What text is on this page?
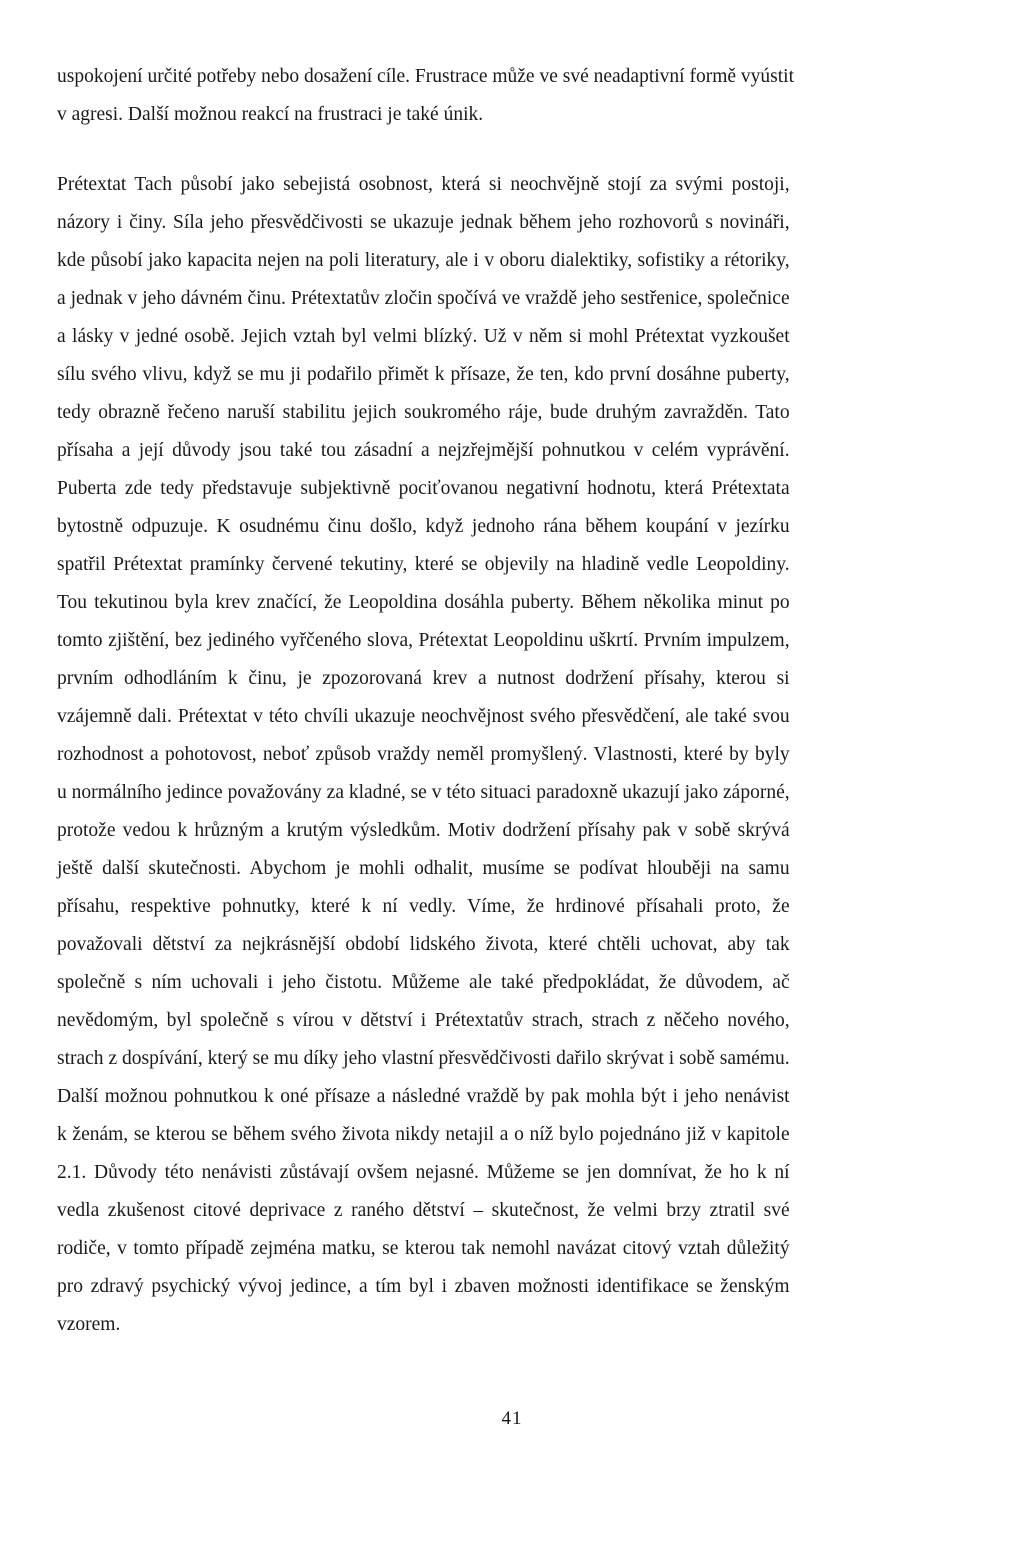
uspokojení určité potřeby nebo dosažení cíle. Frustrace může ve své neadaptivní formě vyústit
v agresi. Další možnou reakcí na frustraci je také únik.

Prétextat Tach působí jako sebejistá osobnost, která si neochvějně stojí za svými postoji,
názory i činy. Síla jeho přesvědčivosti se ukazuje jednak během jeho rozhovorů s novináři,
kde působí jako kapacita nejen na poli literatury, ale i v oboru dialektiky, sofistiky a rétoriky,
a jednak v jeho dávném činu. Prétextatův zločin spočívá ve vraždě jeho sestřenice, společnice
a lásky v jedné osobě. Jejich vztah byl velmi blízký. Už v něm si mohl Prétextat vyzkoušet
sílu svého vlivu, když se mu ji podařilo přimět k přísaze, že ten, kdo první dosáhne puberty,
tedy obrazně řečeno naruší stabilitu jejich soukromého ráje, bude druhým zavražděn. Tato
přísaha a její důvody jsou také tou zásadní a nejzřejmější pohnutkou v celém vyprávění.
Puberta zde tedy představuje subjektivně pociťovanou negativní hodnotu, která Prétextata
bytostně odpuzuje. K osudnému činu došlo, když jednoho rána během koupání v jezírku
spatřil Prétextat pramínky červené tekutiny, které se objevily na hladině vedle Leopoldiny.
Tou tekutinou byla krev značící, že Leopoldina dosáhla puberty. Během několika minut po
tomto zjištění, bez jediného vyřčeného slova, Prétextat Leopoldinu uškrtí. Prvním impulzem,
prvním odhodláním k činu, je zpozorovaná krev a nutnost dodržení přísahy, kterou si
vzájemně dali. Prétextat v této chvíli ukazuje neochvějnost svého přesvědčení, ale také svou
rozhodnost a pohotovost, neboť způsob vraždy neměl promyšlený. Vlastnosti, které by byly
u normálního jedince považovány za kladné, se v této situaci paradoxně ukazují jako záporné,
protože vedou k hrůzným a krutým výsledkům. Motiv dodržení přísahy pak v sobě skrývá
ještě další skutečnosti. Abychom je mohli odhalit, musíme se podívat hlouběji na samu
přísahu, respektive pohnutky, které k ní vedly. Víme, že hrdinové přísahali proto, že
považovali dětství za nejkrásnější období lidského života, které chtěli uchovat, aby tak
společně s ním uchovali i jeho čistotu. Můžeme ale také předpokládat, že důvodem, ač
nevědomým, byl společně s vírou v dětství i Prétextatův strach, strach z něčeho nového,
strach z dospívání, který se mu díky jeho vlastní přesvědčivosti dařilo skrývat i sobě samému.
Další možnou pohnutkou k oné přísaze a následné vraždě by pak mohla být i jeho nenávist
k ženám, se kterou se během svého života nikdy netajil a o níž bylo pojednáno již v kapitole
2.1. Důvody této nenávisti zůstávají ovšem nejasné. Můžeme se jen domnívat, že ho k ní
vedla zkušenost citové deprivace z raného dětství – skutečnost, že velmi brzy ztratil své
rodiče, v tomto případě zejména matku, se kterou tak nemohl navázat citový vztah důležitý
pro zdravý psychický vývoj jedince, a tím byl i zbaven možnosti identifikace se ženským
vzorem.

41
